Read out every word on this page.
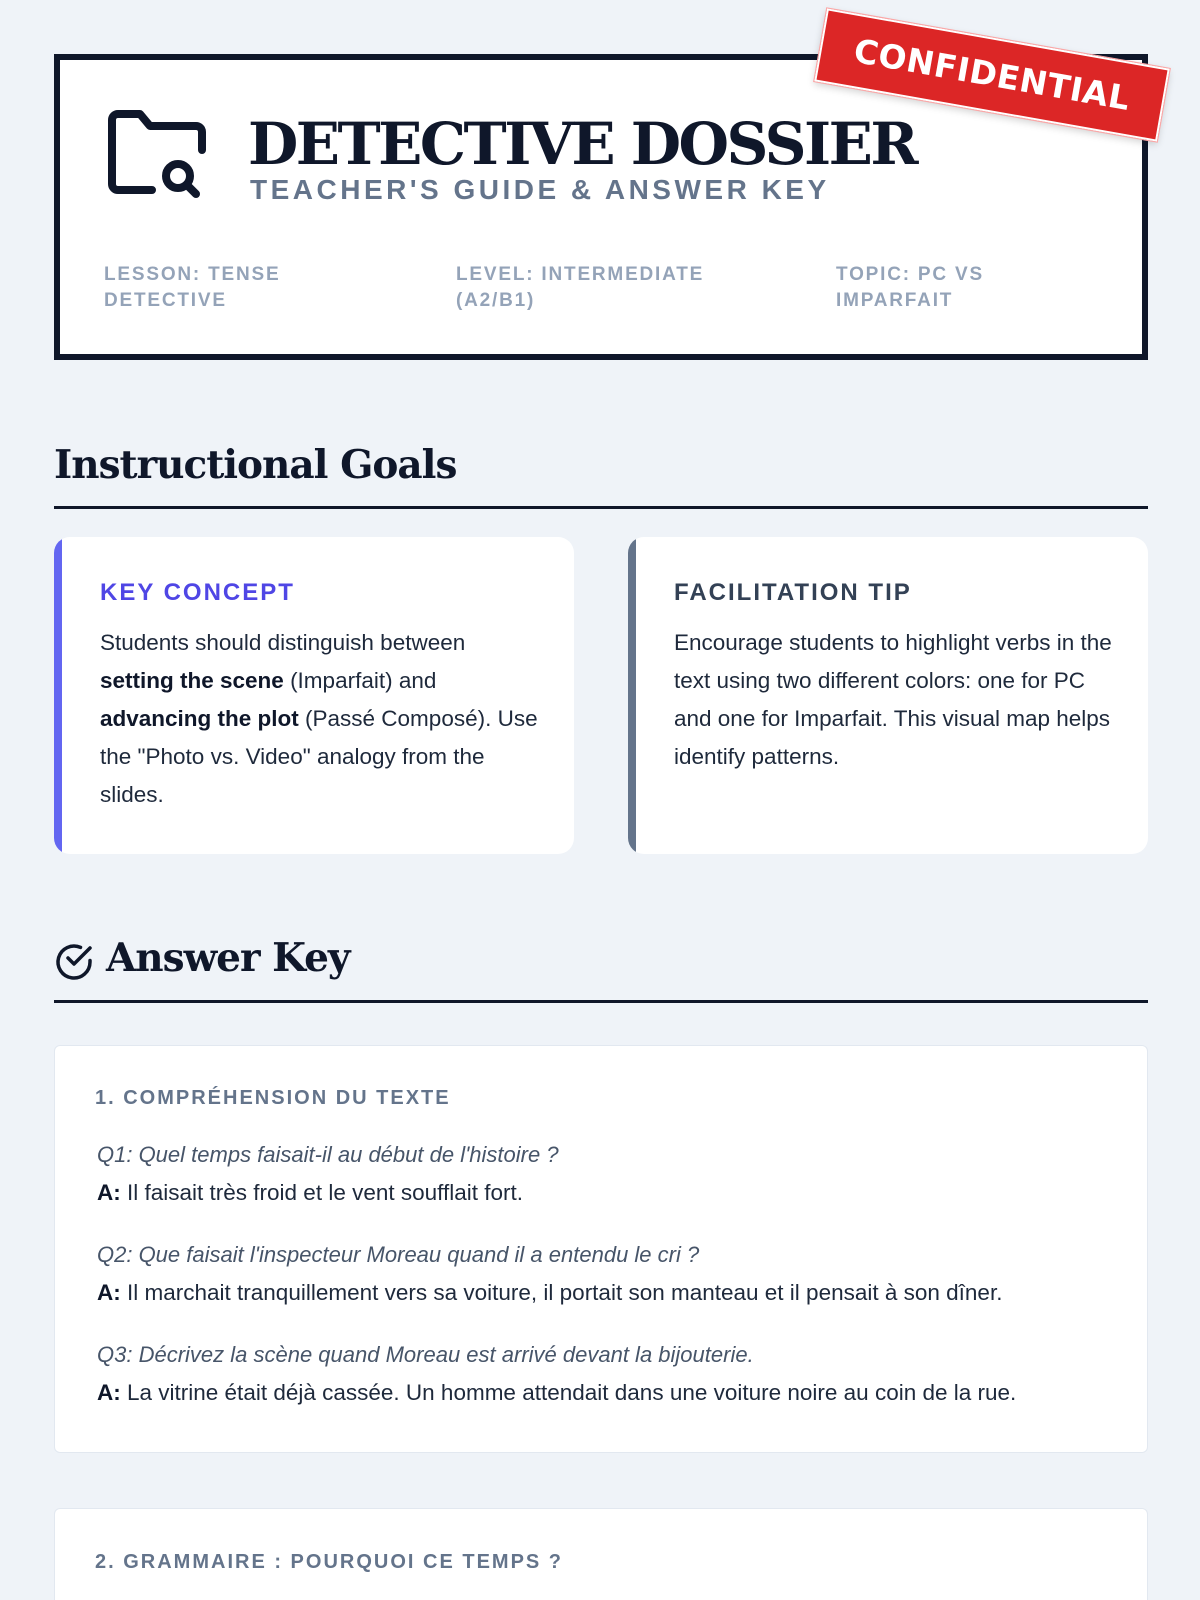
DETECTIVE DOSSIER
TEACHER'S GUIDE & ANSWER KEY
LESSON: TENSE DETECTIVE
LEVEL: INTERMEDIATE (A2/B1)
TOPIC: PC VS IMPARFAIT
CONFIDENTIAL
Instructional Goals
KEY CONCEPT
Students should distinguish between setting the scene (Imparfait) and advancing the plot (Passé Composé). Use the "Photo vs. Video" analogy from the slides.
FACILITATION TIP
Encourage students to highlight verbs in the text using two different colors: one for PC and one for Imparfait. This visual map helps identify patterns.
Answer Key
1. COMPRÉHENSION DU TEXTE
Q1: Quel temps faisait-il au début de l'histoire ?
A: Il faisait très froid et le vent soufflait fort.
Q2: Que faisait l'inspecteur Moreau quand il a entendu le cri ?
A: Il marchait tranquillement vers sa voiture, il portait son manteau et il pensait à son dîner.
Q3: Décrivez la scène quand Moreau est arrivé devant la bijouterie.
A: La vitrine était déjà cassée. Un homme attendait dans une voiture noire au coin de la rue.
2. GRAMMAIRE : POURQUOI CE TEMPS ?
